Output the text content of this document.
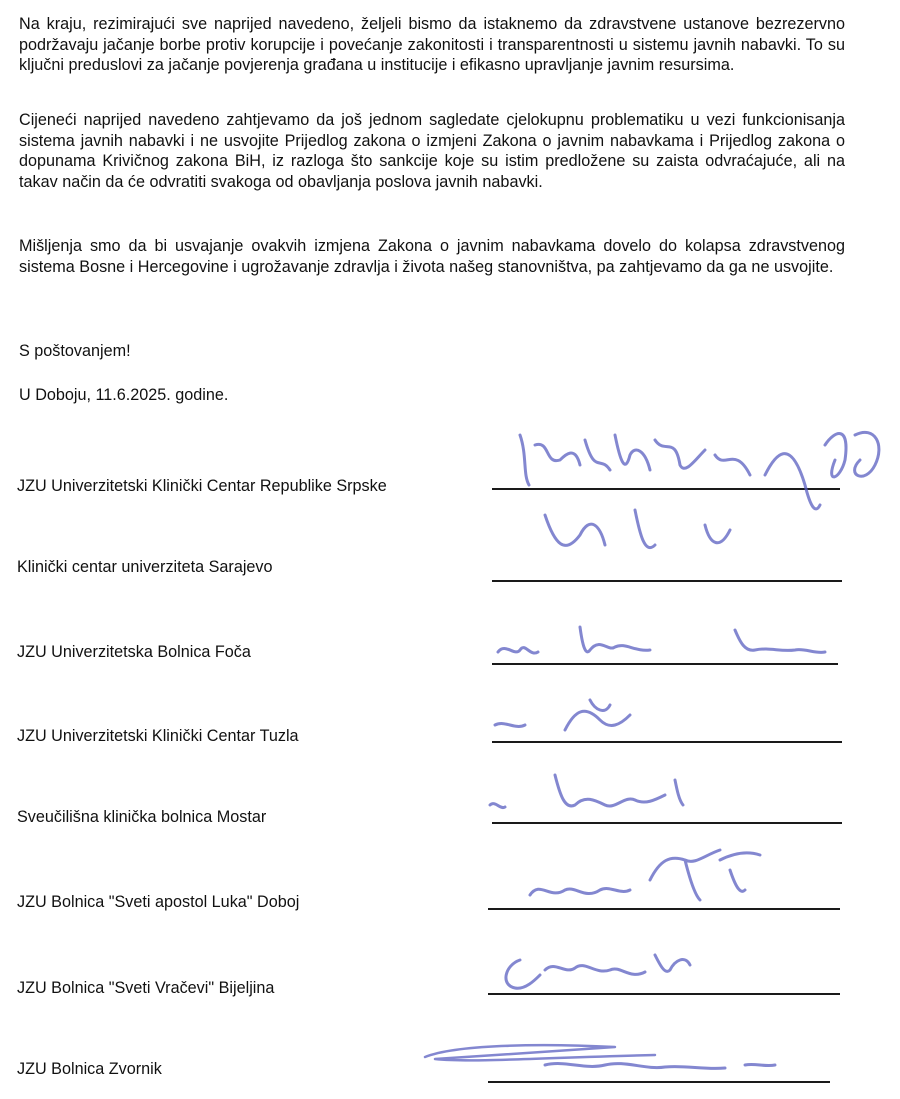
Na kraju, rezimirajući sve naprijed navedeno, željeli bismo da istaknemo da zdravstvene ustanove bezrezervno podržavaju jačanje borbe protiv korupcije i povećanje zakonitosti i transparentnosti u sistemu javnih nabavki. To su ključni preduslovi za jačanje povjerenja građana u institucije i efikasno upravljanje javnim resursima.

Cijeneći naprijed navedeno zahtjevamo da još jednom sagledate cjelokupnu problematiku u vezi funkcionisanja sistema javnih nabavki i ne usvojite Prijedlog zakona o izmjeni Zakona o javnim nabavkama i Prijedlog zakona o dopunama Krivičnog zakona BiH, iz razloga što sankcije koje su istim predložene su zaista odvraćajuće, ali na takav način da će odvratiti svakoga od obavljanja poslova javnih nabavki.

Mišljenja smo da bi usvajanje ovakvih izmjena Zakona o javnim nabavkama dovelo do kolapsa zdravstvenog sistema Bosne i Hercegovine i ugrožavanje zdravlja i života našeg stanovništva, pa zahtjevamo da ga ne usvojite.

S poštovanjem!

U Doboju, 11.6.2025. godine.

JZU Univerzitetski Klinički Centar Republike Srpske

Klinički centar univerziteta Sarajevo

JZU Univerzitetska Bolnica Foča

JZU Univerzitetski Klinički Centar Tuzla

Sveučilišna klinička bolnica Mostar

JZU Bolnica "Sveti apostol Luka" Doboj

JZU Bolnica "Sveti Vračevi" Bijeljina

JZU Bolnica Zvornik
